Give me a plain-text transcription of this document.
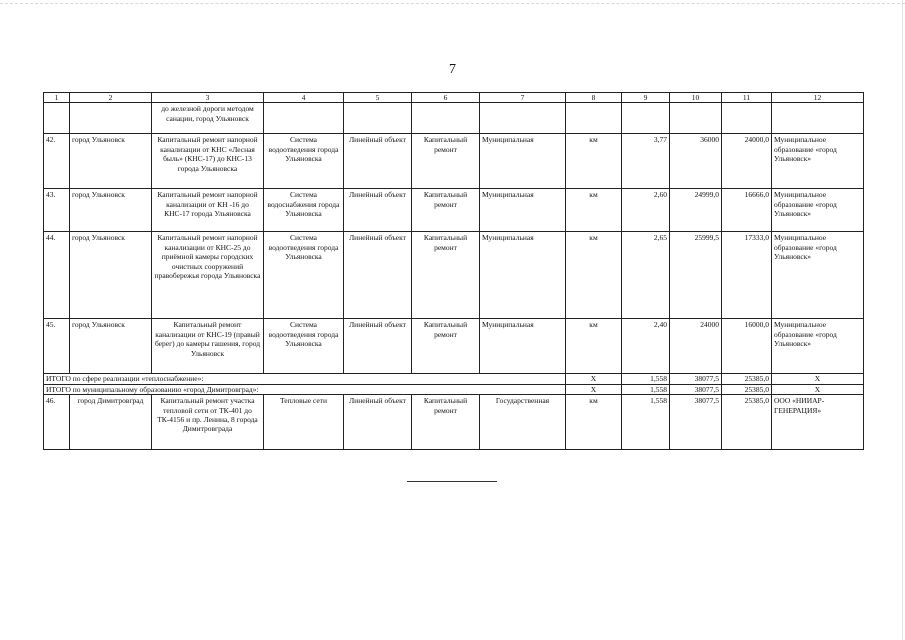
7
1	2	3	4	5	6	7	8	9	10	11	12
		до железной дороги методом санации, город Ульяновск									
42.	город Ульяновск	Капитальный ремонт напорной канализации от КНС «Лесная быль» (КНС-17) до КНС-13 города Ульяновска	Система водоотведения города Ульяновска	Линейный объект	Капитальный ремонт	Муниципальная	км	3,77	36000	24000,0	Муниципальное образование «город Ульяновск»
43.	город Ульяновск	Капитальный ремонт напорной канализации от КН -16 до КНС-17 города Ульяновска	Система водоснабжения города Ульяновска	Линейный объект	Капитальный ремонт	Муниципальная	км	2,60	24999,0	16666,0	Муниципальное образование «город Ульяновск»
44.	город Ульяновск	Капитальный ремонт напорной канализации от КНС-25 до приёмной камеры городских очистных сооружений правобережья города Ульяновска	Система водоотведения города Ульяновска	Линейный объект	Капитальный ремонт	Муниципальная	км	2,65	25999,5	17333,0	Муниципальное образование «город Ульяновск»
45.	город Ульяновск	Капитальный ремонт канализации от КНС-19 (правый берег) до камеры гашения, город Ульяновск	Система водоотведения города Ульяновска	Линейный объект	Капитальный ремонт	Муниципальная	км	2,40	24000	16000,0	Муниципальное образование «город Ульяновск»
ИТОГО по сфере реализации «теплоснабжение»:							X	1,558	38077,5	25385,0	X
ИТОГО по муниципальному образованию «город Димитровград»:							X	1,558	38077,5	25385,0	X
46.	город Димитровград	Капитальный ремонт участка тепловой сети от ТК-401 до ТК-4156 и пр. Ленина, 8 города Димитровграда	Тепловые сети	Линейный объект	Капитальный ремонт	Государственная	км	1,558	38077,5	25385,0	ООО «НИИАР-ГЕНЕРАЦИЯ»
